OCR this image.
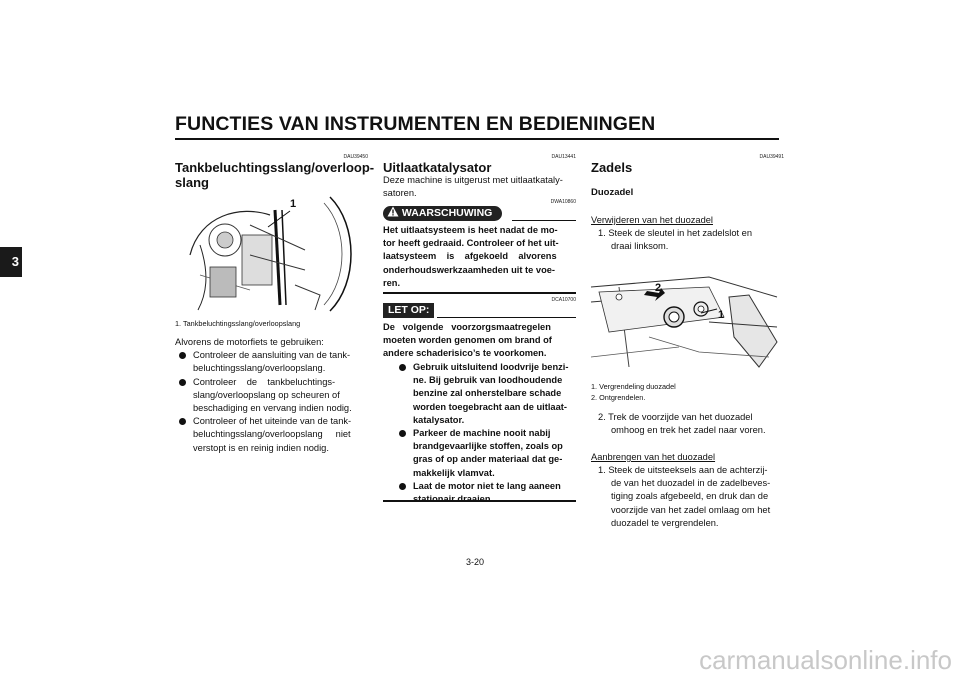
FUNCTIES VAN INSTRUMENTEN EN BEDIENINGEN
3
DAU39450
Tankbeluchtingsslang/overloop-
slang
1
1. Tankbeluchtingsslang/overloopslang
Alvorens de motorfiets te gebruiken:
Controleer de aansluiting van de tank-
beluchtingsslang/overloopslang.
Controleer    de    tankbeluchtings-
slang/overloopslang op scheuren of
beschadiging en vervang indien nodig.
Controleer of het uiteinde van de tank-
beluchtingsslang/overloopslang     niet
verstopt is en reinig indien nodig.
DAU13441
Uitlaatkatalysator
Deze machine is uitgerust met uitlaatkataly-
satoren.
WAARSCHUWING
DWA10860
Het uitlaatsysteem is heet nadat de mo-
tor heeft gedraaid. Controleer of het uit-
laatsysteem    is    afgekoeld    alvorens
onderhoudswerkzaamheden uit te voe-
ren.
DCA10700
LET OP:
De   volgende   voorzorgsmaatregelen
moeten worden genomen om brand of
andere schaderisico’s te voorkomen.
Gebruik uitsluitend loodvrije benzi-
ne. Bij gebruik van loodhoudende
benzine zal onherstelbare schade
worden toegebracht aan de uitlaat-
katalysator.
Parkeer de machine nooit nabij
brandgevaarlijke stoffen, zoals op
gras of op ander materiaal dat ge-
makkelijk vlamvat.
Laat de motor niet te lang aaneen
DAU39491
Zadels
Duozadel
Verwijderen van het duozadel
1. Steek de sleutel in het zadelslot en
draai linksom.
2
1
1. Vergrendeling duozadel
2. Ontgrendelen.
2. Trek de voorzijde van het duozadel
omhoog en trek het zadel naar voren.
Aanbrengen van het duozadel
1. Steek de uitsteeksels aan de achterzij-
de van het duozadel in de zadelbeves-
tiging zoals afgebeeld, en druk dan de
voorzijde van het zadel omlaag om het
duozadel te vergrendelen.
3-20
carmanualsonline.info
